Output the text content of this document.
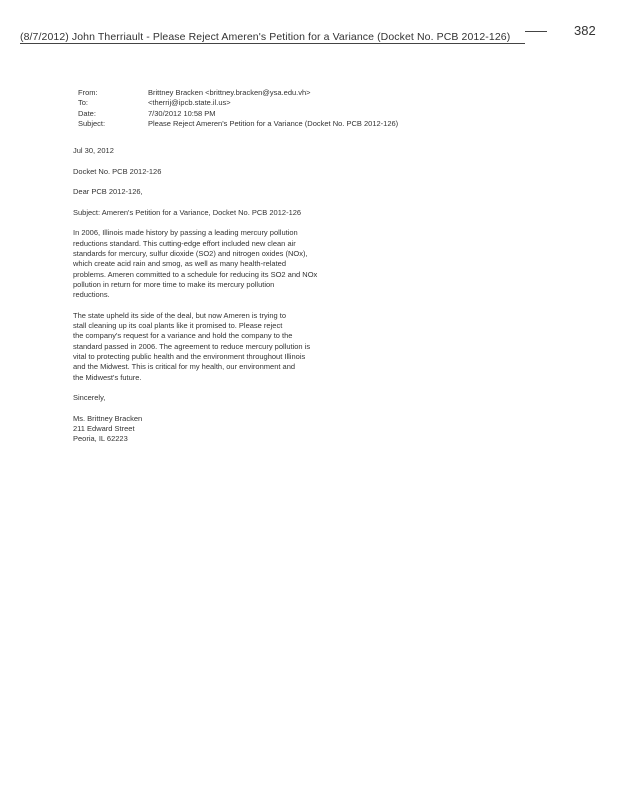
(8/7/2012) John Therriault - Please Reject Ameren's Petition for a Variance (Docket No. PCB 2012-126)	382
From:	Brittney Bracken <brittney.bracken@ysa.edu.vh>
To:	<therrij@ipcb.state.il.us>
Date:	7/30/2012 10:58 PM
Subject:	Please Reject Ameren's Petition for a Variance (Docket No. PCB 2012-126)

Jul 30, 2012

Docket No. PCB 2012-126

Dear PCB 2012-126,

Subject: Ameren's Petition for a Variance, Docket No. PCB 2012-126

In 2006, Illinois made history by passing a leading mercury pollution
reductions standard. This cutting-edge effort included new clean air
standards for mercury, sulfur dioxide (SO2) and nitrogen oxides (NOx),
which create acid rain and smog, as well as many health-related
problems. Ameren committed to a schedule for reducing its SO2 and NOx
pollution in return for more time to make its mercury pollution
reductions.

The state upheld its side of the deal, but now Ameren is trying to
stall cleaning up its coal plants like it promised to. Please reject
the company's request for a variance and hold the company to the
standard passed in 2006. The agreement to reduce mercury pollution is
vital to protecting public health and the environment throughout Illinois
and the Midwest. This is critical for my health, our environment and
the Midwest's future.

Sincerely,

Ms. Brittney Bracken
211 Edward Street
Peoria, IL 62223
